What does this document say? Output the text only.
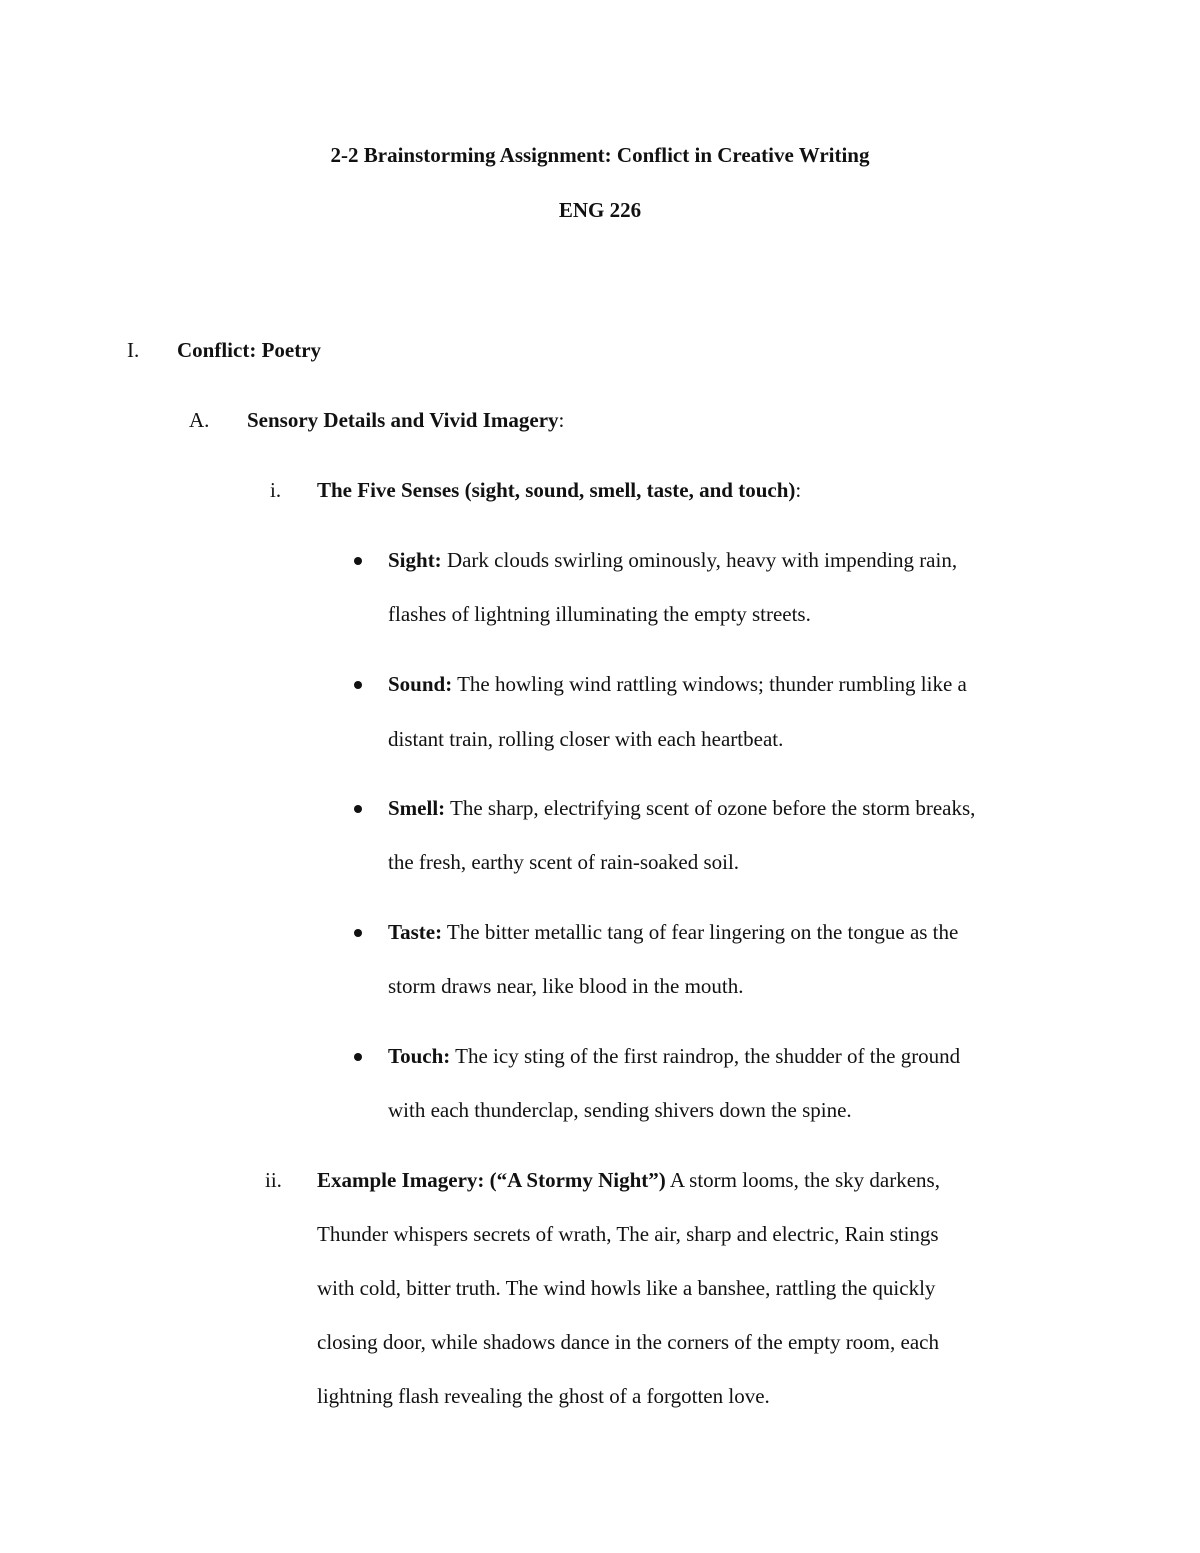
2-2 Brainstorming Assignment: Conflict in Creative Writing
ENG 226
I. Conflict: Poetry
A. Sensory Details and Vivid Imagery:
i. The Five Senses (sight, sound, smell, taste, and touch):
Sight: Dark clouds swirling ominously, heavy with impending rain,
flashes of lightning illuminating the empty streets.
Sound: The howling wind rattling windows; thunder rumbling like a
distant train, rolling closer with each heartbeat.
Smell: The sharp, electrifying scent of ozone before the storm breaks,
the fresh, earthy scent of rain-soaked soil.
Taste: The bitter metallic tang of fear lingering on the tongue as the
storm draws near, like blood in the mouth.
Touch: The icy sting of the first raindrop, the shudder of the ground
with each thunderclap, sending shivers down the spine.
ii. Example Imagery: (“A Stormy Night”) A storm looms, the sky darkens,
Thunder whispers secrets of wrath, The air, sharp and electric, Rain stings
with cold, bitter truth. The wind howls like a banshee, rattling the quickly
closing door, while shadows dance in the corners of the empty room, each
lightning flash revealing the ghost of a forgotten love.
